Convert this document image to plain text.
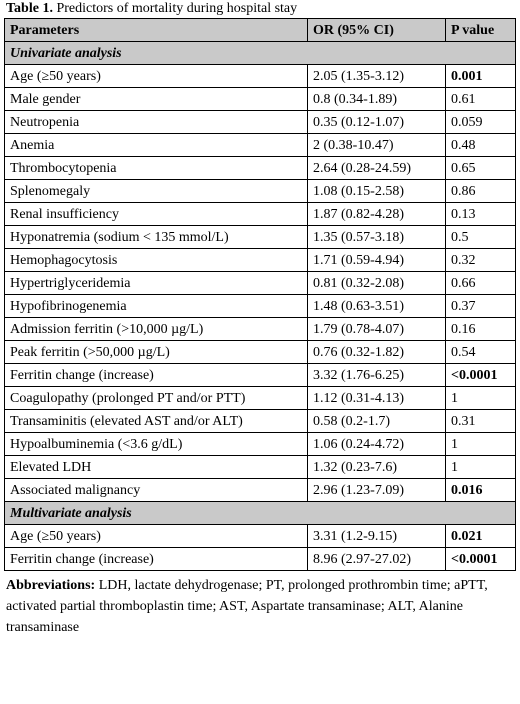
Table 1. Predictors of mortality during hospital stay
Parameters	OR (95% CI)	P value
Univariate analysis		
Age (≥50 years)	2.05 (1.35-3.12)	0.001
Male gender	0.8 (0.34-1.89)	0.61
Neutropenia	0.35 (0.12-1.07)	0.059
Anemia	2 (0.38-10.47)	0.48
Thrombocytopenia	2.64 (0.28-24.59)	0.65
Splenomegaly	1.08 (0.15-2.58)	0.86
Renal insufficiency	1.87 (0.82-4.28)	0.13
Hyponatremia (sodium < 135 mmol/L)	1.35 (0.57-3.18)	0.5
Hemophagocytosis	1.71 (0.59-4.94)	0.32
Hypertriglyceridemia	0.81 (0.32-2.08)	0.66
Hypofibrinogenemia	1.48 (0.63-3.51)	0.37
Admission ferritin (>10,000 µg/L)	1.79 (0.78-4.07)	0.16
Peak ferritin (>50,000 µg/L)	0.76 (0.32-1.82)	0.54
Ferritin change (increase)	3.32 (1.76-6.25)	<0.0001
Coagulopathy (prolonged PT and/or PTT)	1.12 (0.31-4.13)	1
Transaminitis (elevated AST and/or ALT)	0.58 (0.2-1.7)	0.31
Hypoalbuminemia (<3.6 g/dL)	1.06 (0.24-4.72)	1
Elevated LDH	1.32 (0.23-7.6)	1
Associated malignancy	2.96 (1.23-7.09)	0.016
Multivariate analysis		
Age (≥50 years)	3.31 (1.2-9.15)	0.021
Ferritin change (increase)	8.96 (2.97-27.02)	<0.0001
Abbreviations: LDH, lactate dehydrogenase; PT, prolonged prothrombin time; aPTT, activated partial thromboplastin time; AST, Aspartate transaminase; ALT, Alanine transaminase
